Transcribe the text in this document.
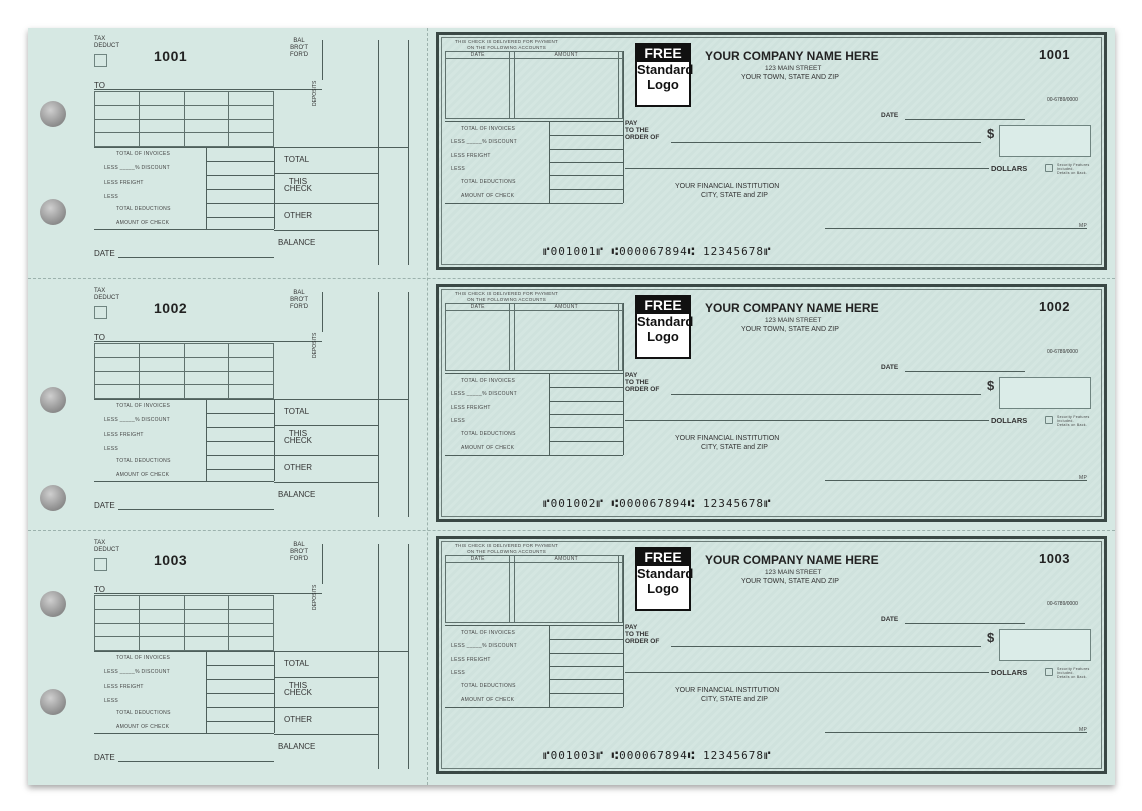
TAX
DEDUCT
1001
BAL
BRO'T
FOR'D
TO

				DEPOSITS
TOTAL OF INVOICES
LESS _____% DISCOUNT
LESS FREIGHT
LESS
TOTAL DEDUCTIONS
AMOUNT OF CHECK
TOTAL
THIS
CHECK
OTHER
BALANCE
DATE
THIS CHECK IS DELIVERED FOR PAYMENT
ON THE FOLLOWING ACCOUNTS
DATE		AMOUNT	

TOTAL OF INVOICES
LESS _____% DISCOUNT
LESS FREIGHT
LESS
TOTAL DEDUCTIONS
AMOUNT OF CHECK
FREE
Standard
Logo
YOUR COMPANY NAME HERE
123 MAIN STREET
YOUR TOWN, STATE AND ZIP
1001
00-6789/0000
DATE
PAY
TO THE
ORDER OF	$
DOLLARS	Security Features
Included.
Details on Back.
YOUR FINANCIAL INSTITUTION
CITY, STATE and ZIP
MP
⑈001001⑈ ⑆000067894⑆ 12345678⑈
TAX
DEDUCT
1002
BAL
BRO'T
FOR'D
TO

				DEPOSITS
TOTAL OF INVOICES
LESS _____% DISCOUNT
LESS FREIGHT
LESS
TOTAL DEDUCTIONS
AMOUNT OF CHECK
TOTAL
THIS
CHECK
OTHER
BALANCE
DATE
THIS CHECK IS DELIVERED FOR PAYMENT
ON THE FOLLOWING ACCOUNTS
DATE		AMOUNT	

TOTAL OF INVOICES
LESS _____% DISCOUNT
LESS FREIGHT
LESS
TOTAL DEDUCTIONS
AMOUNT OF CHECK
FREE
Standard
Logo
YOUR COMPANY NAME HERE
123 MAIN STREET
YOUR TOWN, STATE AND ZIP
1002
00-6789/0000
DATE
PAY
TO THE
ORDER OF	$
DOLLARS	Security Features
Included.
Details on Back.
YOUR FINANCIAL INSTITUTION
CITY, STATE and ZIP
MP
⑈001002⑈ ⑆000067894⑆ 12345678⑈
TAX
DEDUCT
1003
BAL
BRO'T
FOR'D
TO

				DEPOSITS
TOTAL OF INVOICES
LESS _____% DISCOUNT
LESS FREIGHT
LESS
TOTAL DEDUCTIONS
AMOUNT OF CHECK
TOTAL
THIS
CHECK
OTHER
BALANCE
DATE
THIS CHECK IS DELIVERED FOR PAYMENT
ON THE FOLLOWING ACCOUNTS
DATE		AMOUNT	

TOTAL OF INVOICES
LESS _____% DISCOUNT
LESS FREIGHT
LESS
TOTAL DEDUCTIONS
AMOUNT OF CHECK
FREE
Standard
Logo
YOUR COMPANY NAME HERE
123 MAIN STREET
YOUR TOWN, STATE AND ZIP
1003
00-6789/0000
DATE
PAY
TO THE
ORDER OF	$
DOLLARS	Security Features
Included.
Details on Back.
YOUR FINANCIAL INSTITUTION
CITY, STATE and ZIP
MP
⑈001003⑈ ⑆000067894⑆ 12345678⑈
